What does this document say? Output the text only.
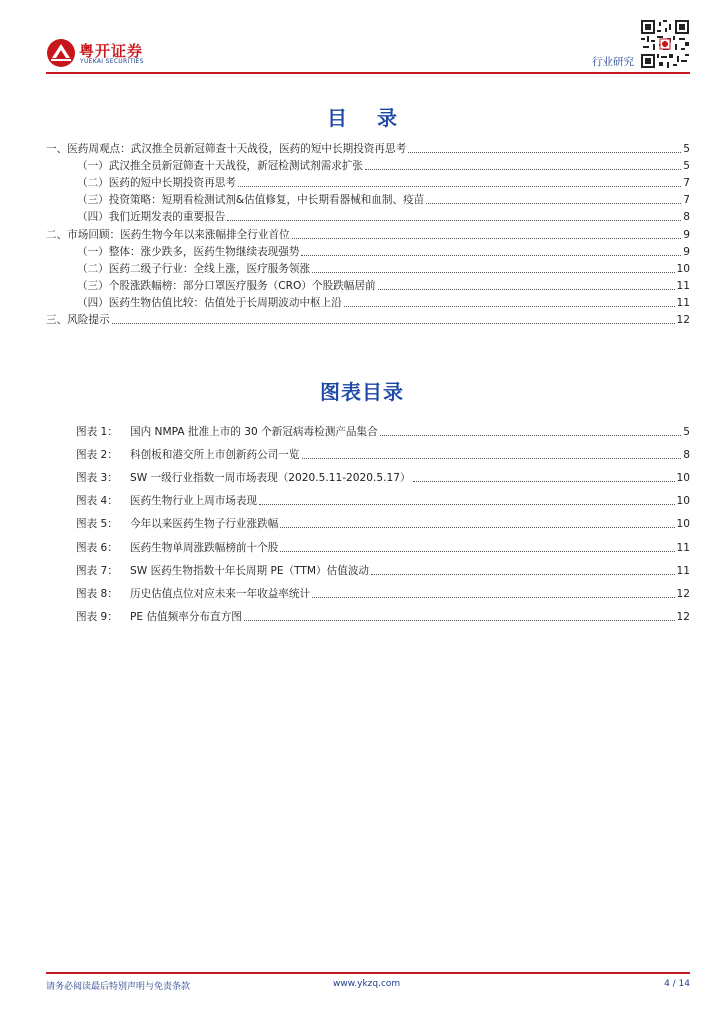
粤开证券
YUEKAI SECURITIES	行业研究
目录
一、医药周观点：武汉推全员新冠筛查十天战役，医药的短中长期投资再思考	5
（一）武汉推全员新冠筛查十天战役，新冠检测试剂需求扩张	5
（二）医药的短中长期投资再思考	7
（三）投资策略：短期看检测试剂&估值修复，中长期看器械和血制、疫苗	7
（四）我们近期发表的重要报告	8
二、市场回顾：医药生物今年以来涨幅排全行业首位	9
（一）整体：涨少跌多，医药生物继续表现强势	9
（二）医药二级子行业：全线上涨，医疗服务领涨	10
（三）个股涨跌幅榜：部分口罩医疗服务（CRO）个股跌幅居前	11
（四）医药生物估值比较：估值处于长周期波动中枢上沿	11
三、风险提示	12
图表目录
图表 1：	国内 NMPA 批准上市的 30 个新冠病毒检测产品集合	5
图表 2：	科创板和港交所上市创新药公司一览	8
图表 3：	SW 一级行业指数一周市场表现（2020.5.11-2020.5.17）	10
图表 4：	医药生物行业上周市场表现	10
图表 5：	今年以来医药生物子行业涨跌幅	10
图表 6：	医药生物单周涨跌幅榜前十个股	11
图表 7：	SW 医药生物指数十年长周期 PE（TTM）估值波动	11
图表 8：	历史估值点位对应未来一年收益率统计	12
图表 9：	PE 估值频率分布直方图	12
请务必阅读最后特别声明与免责条款	www.ykzq.com	4 / 14
